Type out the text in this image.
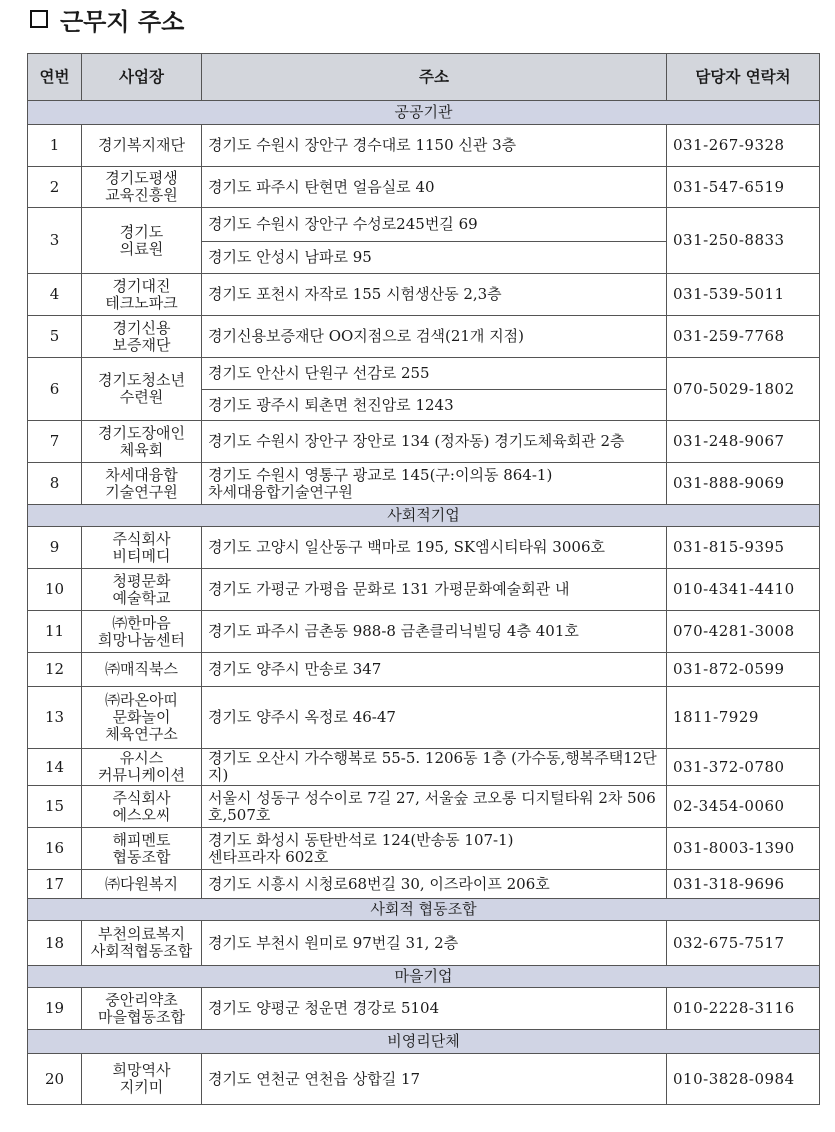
근무지 주소
연번	사업장	주소	담당자 연락처
공공기관			
1	경기복지재단	경기도 수원시 장안구 경수대로 1150 신관 3층	031-267-9328
2	경기도평생
교육진흥원	경기도 파주시 탄현면 얼음실로 40	031-547-6519
3	경기도
의료원	경기도 수원시 장안구 수성로245번길 69	031-250-8833

		경기도 안성시 남파로 95	

4	경기대진
테크노파크	경기도 포천시 자작로 155 시험생산동 2,3층	031-539-5011
5	경기신용
보증재단	경기신용보증재단 OO지점으로 검색(21개 지점)	031-259-7768
6	경기도청소년
수련원	경기도 안산시 단원구 선감로 255	070-5029-1802

		경기도 광주시 퇴촌면 천진암로 1243	

7	경기도장애인
체육회	경기도 수원시 장안구 장안로 134 (정자동) 경기도체육회관 2층	031-248-9067
8	차세대융합
기술연구원	경기도 수원시 영통구 광교로 145(구:이의동 864-1)
차세대융합기술연구원	031-888-9069
사회적기업			
9	주식회사
비티메디	경기도 고양시 일산동구 백마로 195, SK엠시티타워 3006호	031-815-9395
10	청평문화
예술학교	경기도 가평군 가평읍 문화로 131 가평문화예술회관 내	010-4341-4410
11	㈜한마음
희망나눔센터	경기도 파주시 금촌동 988-8 금촌클리닉빌딩 4층 401호	070-4281-3008
12	㈜매직북스	경기도 양주시 만송로 347	031-872-0599
13	㈜라온아띠
문화놀이
체육연구소	경기도 양주시 옥정로 46-47	1811-7929
14	유시스
커뮤니케이션	경기도 오산시 가수행복로 55-5. 1206동 1층 (가수동,행복주택12단지)	031-372-0780
15	주식회사
에스오씨	서울시 성동구 성수이로 7길 27, 서울숲 코오롱 디지털타워 2차 506호,507호	02-3454-0060
16	해피멘토
협동조합	경기도 화성시 동탄반석로 124(반송동 107-1)
센타프라자 602호	031-8003-1390
17	㈜다원복지	경기도 시흥시 시청로68번길 30, 이즈라이프 206호	031-318-9696
사회적 협동조합			
18	부천의료복지
사회적협동조합	경기도 부천시 원미로 97번길 31, 2층	032-675-7517
마을기업			
19	중안리약초
마을협동조합	경기도 양평군 청운면 경강로 5104	010-2228-3116
비영리단체			
20	희망역사
지키미	경기도 연천군 연천읍 상합길 17	010-3828-0984
